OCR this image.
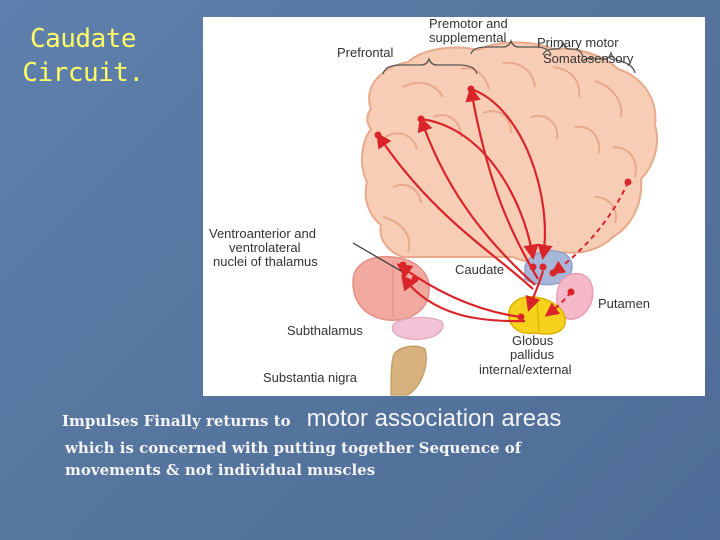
Caudate
Circuit.
Premotor and
supplemental Primary motor
Prefrontal	Somatosensory
Ventroanterior and
ventrolateral
nuclei of thalamus
Caudate
Putamen
Subthalamus
Globus
pallidus
internal/external
Substantia nigra
Impulses Finally returns to motor association areas
which is concerned with putting together Sequence of
movements & not individual muscles
